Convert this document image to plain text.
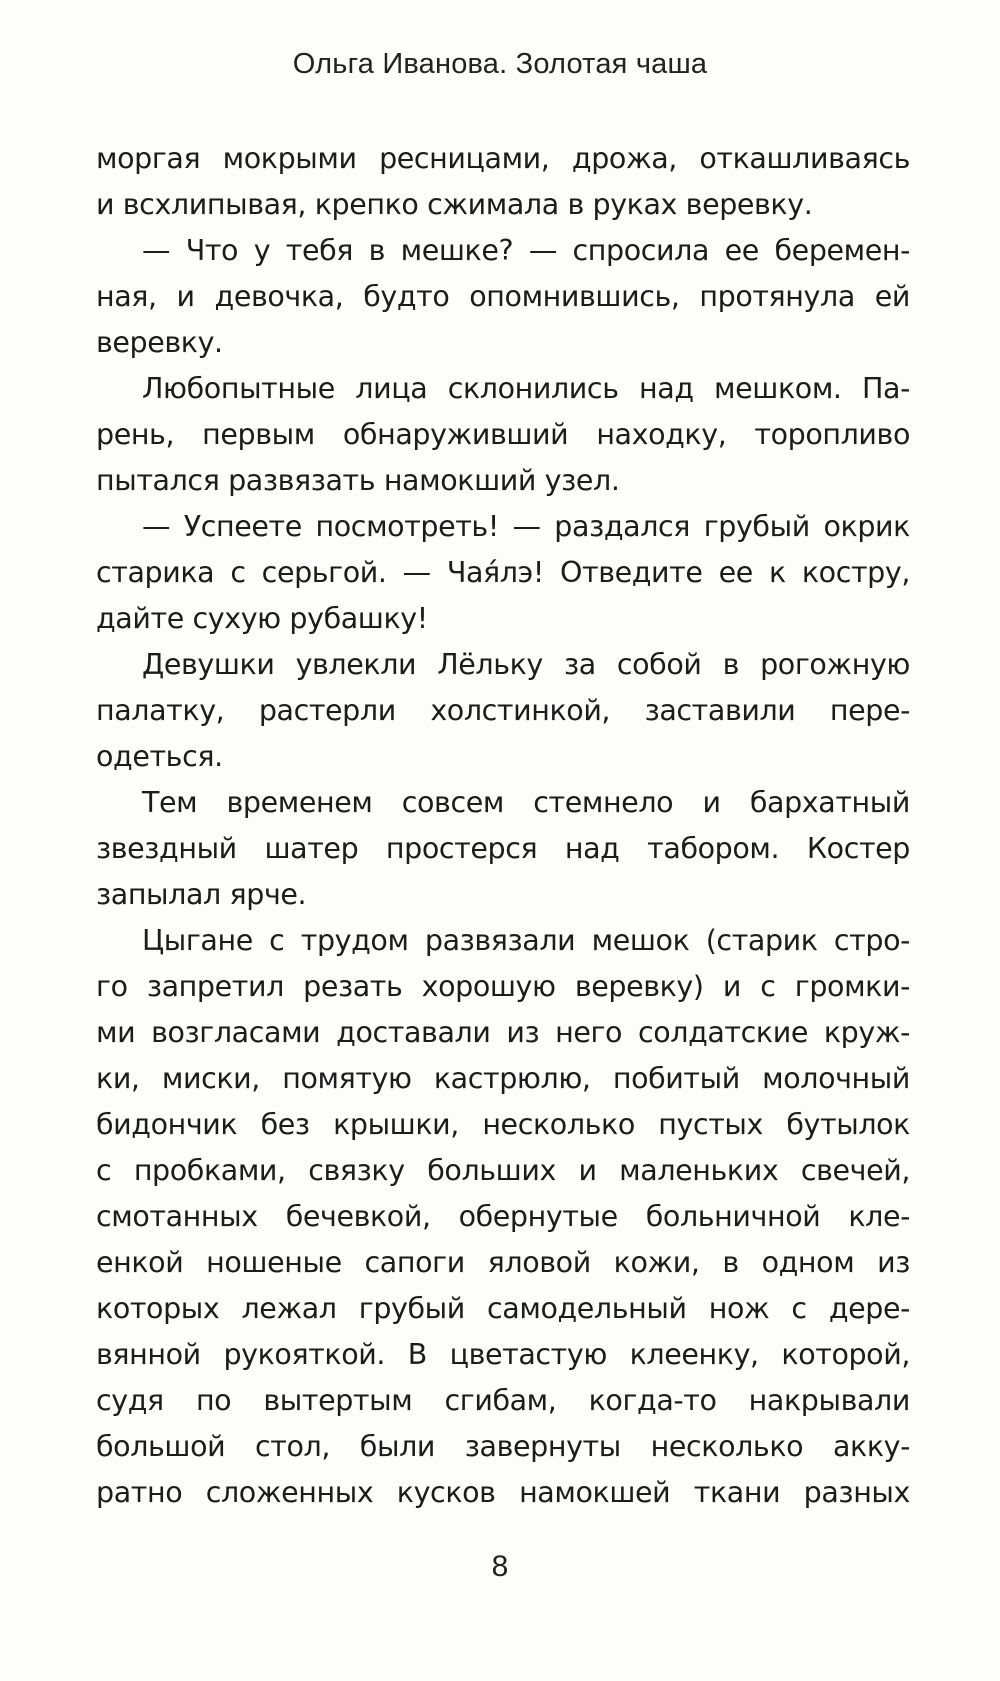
Ольга Иванова. Золотая чаша
моргая мокрыми ресницами, дрожа, откашливаясь
и всхлипывая, крепко сжимала в руках веревку.
— Что у тебя в мешке? — спросила ее беремен-
ная, и девочка, будто опомнившись, протянула ей
веревку.
Любопытные лица склонились над мешком. Па-
рень, первым обнаруживший находку, торопливо
пытался развязать намокший узел.
— Успеете посмотреть! — раздался грубый окрик
старика с серьгой. — Чая́лэ! Отведите ее к костру,
дайте сухую рубашку!
Девушки увлекли Лёльку за собой в рогожную
палатку, растерли холстинкой, заставили пере-
одеться.
Тем временем совсем стемнело и бархатный
звездный шатер простерся над табором. Костер
запылал ярче.
Цыгане с трудом развязали мешок (старик стро-
го запретил резать хорошую веревку) и с громки-
ми возгласами доставали из него солдатские круж-
ки, миски, помятую кастрюлю, побитый молочный
бидончик без крышки, несколько пустых бутылок
с пробками, связку больших и маленьких свечей,
смотанных бечевкой, обернутые больничной кле-
енкой ношеные сапоги яловой кожи, в одном из
которых лежал грубый самодельный нож с дере-
вянной рукояткой. В цветастую клеенку, которой,
судя по вытертым сгибам, когда-то накрывали
большой стол, были завернуты несколько акку-
ратно сложенных кусков намокшей ткани разных
8
